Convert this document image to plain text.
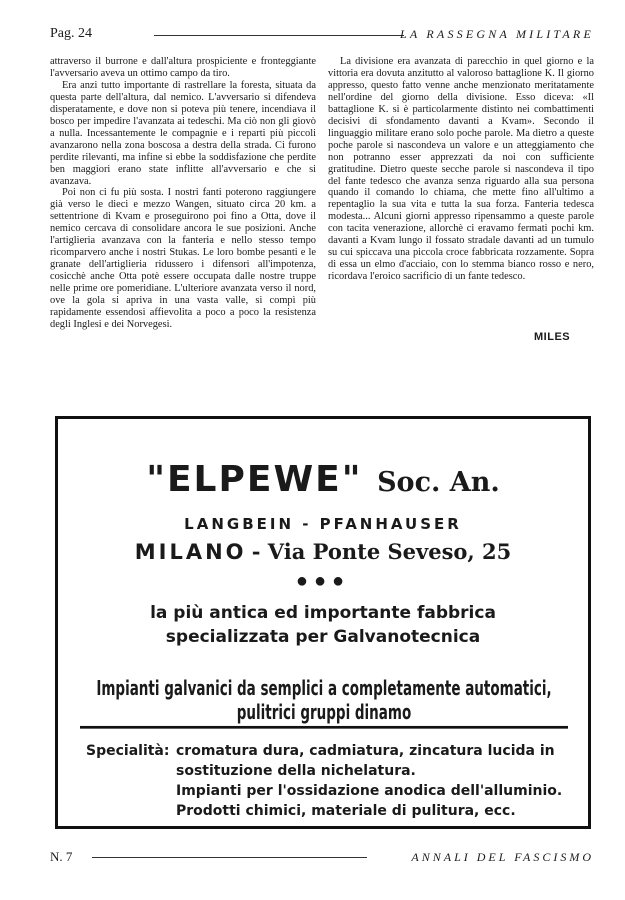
Pag. 24	LA RASSEGNA MILITARE

attraverso il burrone e dall'altura prospiciente e fronteggiante l'avversario aveva un ottimo campo da tiro.

Era anzi tutto importante di rastrellare la foresta, situata da questa parte dell'altura, dal nemico. L'avversario si difendeva disperatamente, e dove non si poteva più tenere, incendiava il bosco per impedire l'avanzata ai tedeschi. Ma ciò non gli giovò a nulla. Incessantemente le compagnie e i reparti più piccoli avanzarono nella zona boscosa a destra della strada. Ci furono perdite rilevanti, ma infine si ebbe la soddisfazione che perdite ben maggiori erano state inflitte all'avversario e che si avanzava.

Poi non ci fu più sosta. I nostri fanti poterono raggiungere già verso le dieci e mezzo Wangen, situato circa 20 km. a settentrione di Kvam e proseguirono poi fino a Otta, dove il nemico cercava di consolidare ancora le sue posizioni. Anche l'artiglieria avanzava con la fanteria e nello stesso tempo ricomparvero anche i nostri Stukas. Le loro bombe pesanti e le granate dell'artiglieria ridussero i difensori all'impotenza, cosicchè anche Otta potè essere occupata dalle nostre truppe nelle prime ore pomeridiane. L'ulteriore avanzata verso il nord, ove la gola si apriva in una vasta valle, si compì più rapidamente essendosi affievolita a poco a poco la resistenza degli Inglesi e dei Norvegesi.

La divisione era avanzata di parecchio in quel giorno e la vittoria era dovuta anzitutto al valoroso battaglione K. Il giorno appresso, questo fatto venne anche menzionato meritatamente nell'ordine del giorno della divisione. Esso diceva: «Il battaglione K. si è particolarmente distinto nei combattimenti decisivi di sfondamento davanti a Kvam». Secondo il linguaggio militare erano solo poche parole. Ma dietro a queste poche parole si nascondeva un valore e un atteggiamento che non potranno esser apprezzati da noi con sufficiente gratitudine. Dietro queste secche parole si nascondeva il tipo del fante tedesco che avanza senza riguardo alla sua persona quando il comando lo chiama, che mette fino all'ultimo a repentaglio la sua vita e tutta la sua forza. Fanteria tedesca modesta... Alcuni giorni appresso ripensammo a queste parole con tacita venerazione, allorchè ci eravamo fermati pochi km. davanti a Kvam lungo il fossato stradale davanti ad un tumulo su cui spiccava una piccola croce fabbricata rozzamente. Sopra di essa un elmo d'acciaio, con lo stemma bianco rosso e nero, ricordava l'eroico sacrificio di un fante tedesco.

MILES
"ELPEWE" Soc. An.
LANGBEIN - PFANHAUSER
MILANO - Via Ponte Seveso, 25
●●●
la più antica ed importante fabbrica
specializzata per Galvanotecnica
Impianti galvanici da semplici a completamente automatici, pulitrici gruppi dinamo
Specialità: cromatura dura, cadmiatura, zincatura lucida in
sostituzione della nichelatura.
Impianti per l'ossidazione anodica dell'alluminio.
Prodotti chimici, materiale di pulitura, ecc.
N. 7	ANNALI DEL FASCISMO
